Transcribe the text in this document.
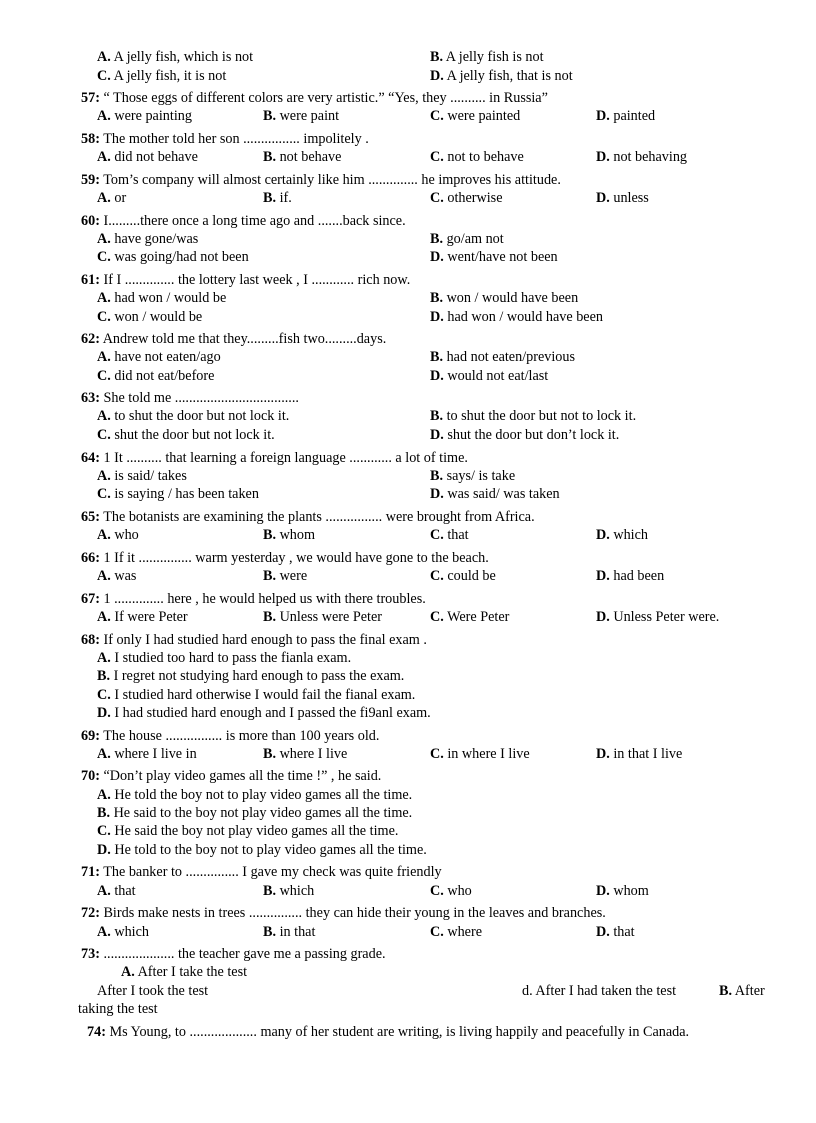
A. A jelly fish, which is not	B. A jelly fish is not
C. A jelly fish, it is not	D. A jelly fish, that is not
57: “ Those eggs of different colors are very artistic.” “Yes, they .......... in Russia”
A. were painting	B. were paint	C. were painted	D. painted
58: The mother told her son ................ impolitely .
A. did not behave	B. not behave	C. not to behave	D. not behaving
59: Tom’s company will almost certainly like him .............. he improves his attitude.
A. or	B. if.	C. otherwise	D. unless
60: I.........there once a long time ago and .......back since.
A. have gone/was	B. go/am not
C. was going/had not been	D. went/have not been
61: If I .............. the lottery last week , I ............ rich now.
A. had won / would be	B. won / would have been
C. won / would be	D. had won / would have been
62: Andrew told me that they.........fish two.........days.
A. have not eaten/ago	B. had not eaten/previous
C. did not eat/before	D. would not eat/last
63: She told me ...................................
A. to shut the door but not lock it.	B. to shut the door but not to lock it.
C. shut the door but not lock it.	D. shut the door but don’t lock it.
64: 1 It .......... that learning a foreign language ............ a lot of time.
A. is said/ takes	B. says/ is take
C. is saying / has been taken	D. was said/ was taken
65: The botanists are examining the plants ................ were brought from Africa.
A. who	B. whom	C. that	D. which
66: 1 If it ............... warm yesterday , we would have gone to the beach.
A. was	B. were	C. could be	D. had been
67: 1 .............. here , he would helped us with there troubles.
A. If were Peter	B. Unless were Peter	C. Were Peter	D. Unless Peter were.
68: If only I had studied hard enough to pass the final exam .
A. I studied too hard to pass the fianla exam.
B. I regret not studying hard enough to pass the exam.
C. I studied hard otherwise I would fail the fianal exam.
D. I had studied hard enough and I passed the fi9anl exam.
69: The house ................ is more than 100 years old.
A. where I live in	B. where I live	C. in where I live	D. in that I live
70: “Don’t play video games all the time !” , he said.
A. He told the boy not to play video games all the time.
B. He said to the boy not play video games all the time.
C. He said the boy not play video games all the time.
D. He told to the boy not to play video games all the time.
71: The banker to ............... I gave my check was quite friendly
A. that	B. which	C. who	D. whom
72: Birds make nests in trees ............... they can hide their young in the leaves and branches.
A. which	B. in that	C. where	D. that
73: .................... the teacher gave me a passing grade.
A. After I take the test
After I took the test	d. After I had taken the test	B. After
taking the test
74: Ms Young, to ................... many of her student are writing, is living happily and peacefully in Canada.
